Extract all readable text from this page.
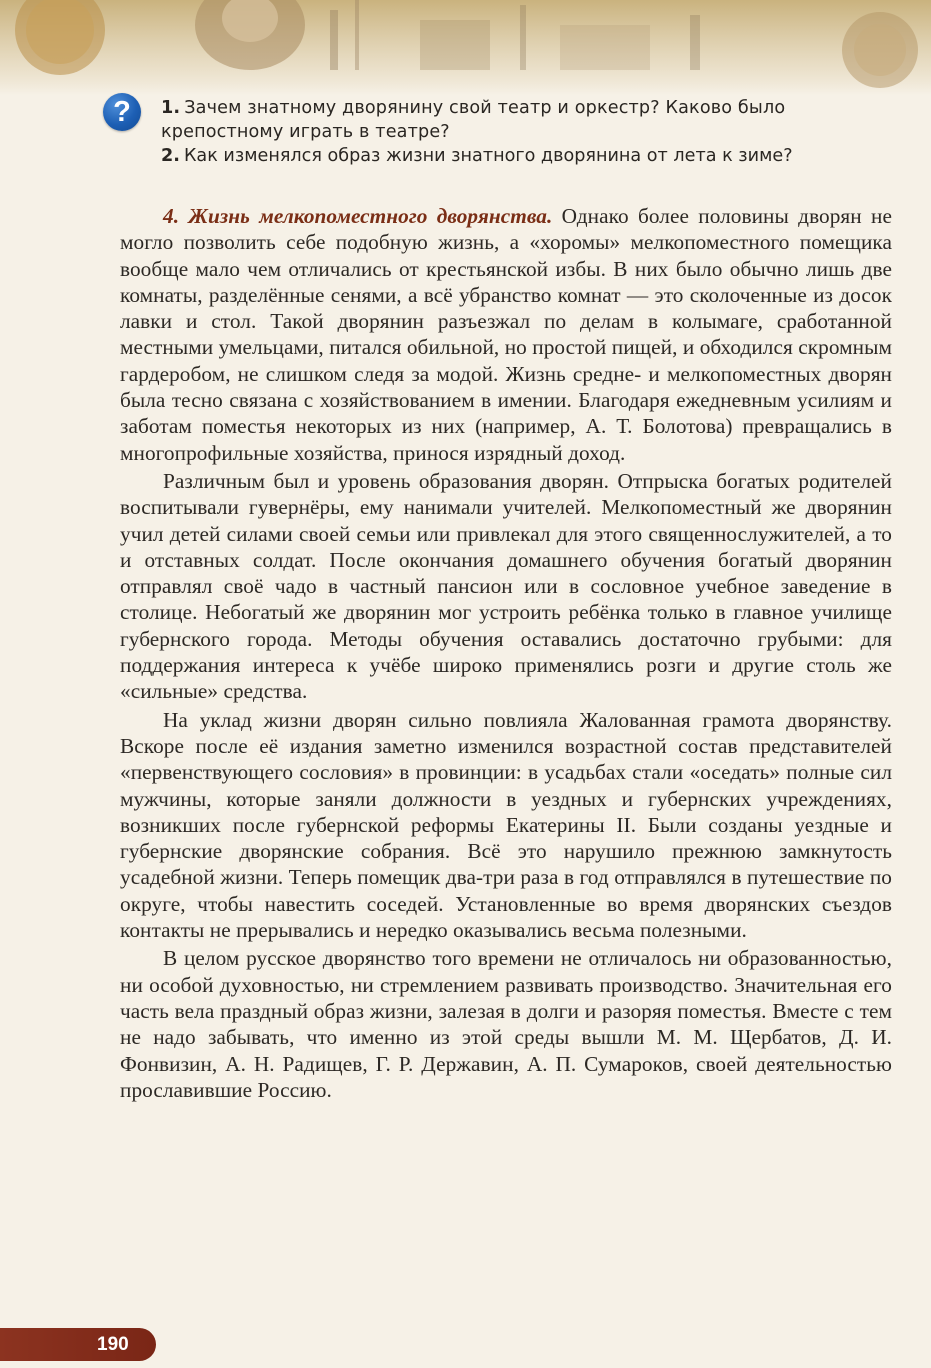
?	1. Зачем знатному дворянину свой театр и оркестр? Каково было крепостному играть в театре?

2. Как изменялся образ жизни знатного дворянина от лета к зиме?

4. Жизнь мелкопоместного дворянства. Однако более половины дворян не могло позволить себе подобную жизнь, а «хоромы» мелкопоместного помещика вообще мало чем отличались от крестьянской избы. В них было обычно лишь две комнаты, разделённые сенями, а всё убранство комнат — это сколоченные из досок лавки и стол. Такой дворянин разъезжал по делам в колымаге, сработанной местными умельцами, питался обильной, но простой пищей, и обходился скромным гардеробом, не слишком следя за модой. Жизнь средне- и мелкопоместных дворян была тесно связана с хозяйствованием в имении. Благодаря ежедневным усилиям и заботам поместья некоторых из них (например, А. Т. Болотова) превращались в многопрофильные хозяйства, принося изрядный доход.

Различным был и уровень образования дворян. Отпрыска богатых родителей воспитывали гувернёры, ему нанимали учителей. Мелкопоместный же дворянин учил детей силами своей семьи или привлекал для этого священнослужителей, а то и отставных солдат. После окончания домашнего обучения богатый дворянин отправлял своё чадо в частный пансион или в сословное учебное заведение в столице. Небогатый же дворянин мог устроить ребёнка только в главное училище губернского города. Методы обучения оставались достаточно грубыми: для поддержания интереса к учёбе широко применялись розги и другие столь же «сильные» средства.

На уклад жизни дворян сильно повлияла Жалованная грамота дворянству. Вскоре после её издания заметно изменился возрастной состав представителей «первенствующего сословия» в провинции: в усадьбах стали «оседать» полные сил мужчины, которые заняли должности в уездных и губернских учреждениях, возникших после губернской реформы Екатерины II. Были созданы уездные и губернские дворянские собрания. Всё это нарушило прежнюю замкнутость усадебной жизни. Теперь помещик два-три раза в год отправлялся в путешествие по округе, чтобы навестить соседей. Установленные во время дворянских съездов контакты не прерывались и нередко оказывались весьма полезными.

В целом русское дворянство того времени не отличалось ни образованностью, ни особой духовностью, ни стремлением развивать производство. Значительная его часть вела праздный образ жизни, залезая в долги и разоряя поместья. Вместе с тем не надо забывать, что именно из этой среды вышли М. М. Щербатов, Д. И. Фонвизин, А. Н. Радищев, Г. Р. Державин, А. П. Сумароков, своей деятельностью прославившие Россию.

190
